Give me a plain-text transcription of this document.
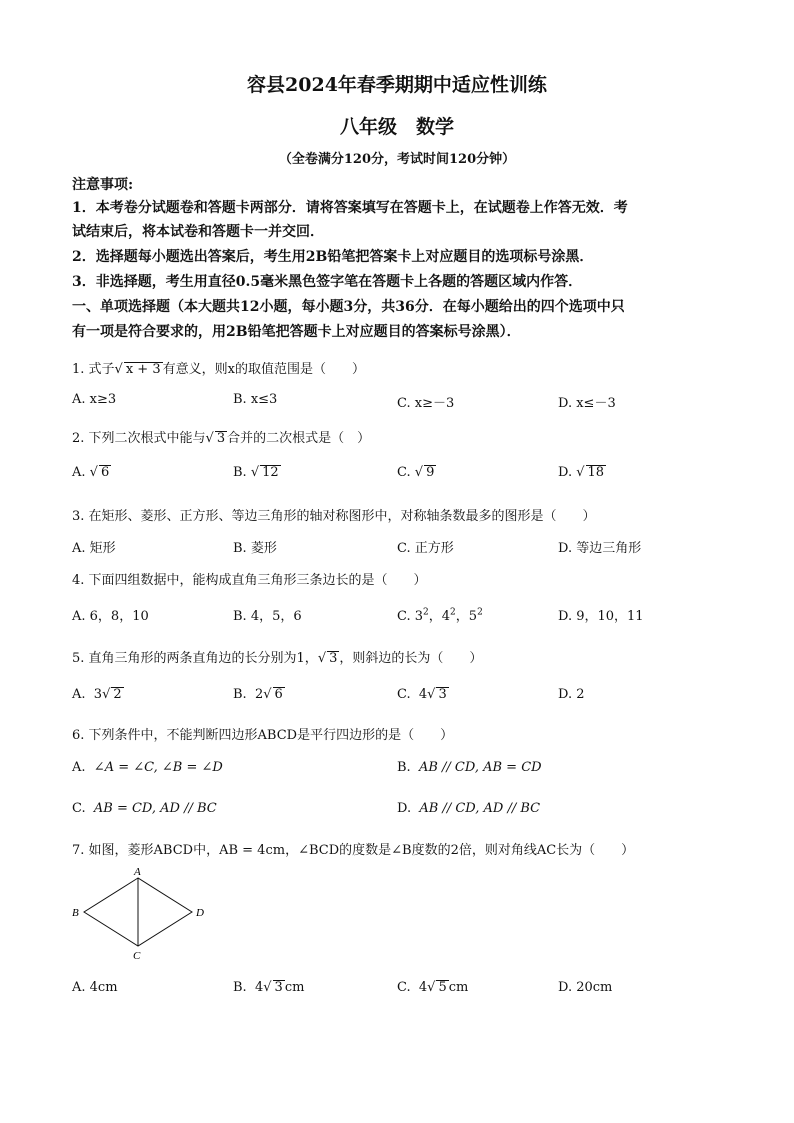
容县2024年春季期期中适应性训练
八年级　数学
（全卷满分120分，考试时间120分钟）
注意事项:
1．本考卷分试题卷和答题卡两部分．请将答案填写在答题卡上，在试题卷上作答无效．考
试结束后，将本试卷和答题卡一并交回．
2．选择题每小题选出答案后，考生用2B铅笔把答案卡上对应题目的选项标号涂黑．
3．非选择题，考生用直径0.5毫米黑色签字笔在答题卡上各题的答题区域内作答．
一、单项选择题（本大题共12小题，每小题3分，共36分．在每小题给出的四个选项中只
有一项是符合要求的，用2B铅笔把答题卡上对应题目的答案标号涂黑）．
1. 式子 √ x + 3 有意义，则x的取值范围是（　　）
A. x≥3	B. x≤3	C. x≥－3	D. x≤－3
2. 下列二次根式中能与 √ 3 合并的二次根式是（　）
A. √ 6	B. √ 12	C. √ 9	D. √ 18
3. 在矩形、菱形、正方形、等边三角形的轴对称图形中，对称轴条数最多的图形是（　　）
A. 矩形	B. 菱形	C. 正方形	D. 等边三角形
4. 下面四组数据中，能构成直角三角形三条边长的是（　　）
A. 6，8，10	B. 4，5，6	C. $3^2$，$4^2$，$5^2$	D. 9，10，11
5. 直角三角形的两条直角边的长分别为1， √ 3 ，则斜边的长为（　　）
A. 3 √ 2	B. 2 √ 6	C. 4 √ 3	D. 2
6. 下列条件中，不能判断四边形ABCD是平行四边形的是（　　）
A. ∠A = ∠C, ∠B = ∠D	B. AB // CD, AB = CD
C. AB = CD, AD // BC	D. AB // CD, AD // BC
7. 如图，菱形ABCD中，AB = 4cm，∠BCD的度数是∠B度数的2倍，则对角线AC长为（　　）
A
B
C
D
A. 4cm	B. 4 √ 3 cm	C. 4 √ 5 cm	D. 20cm
